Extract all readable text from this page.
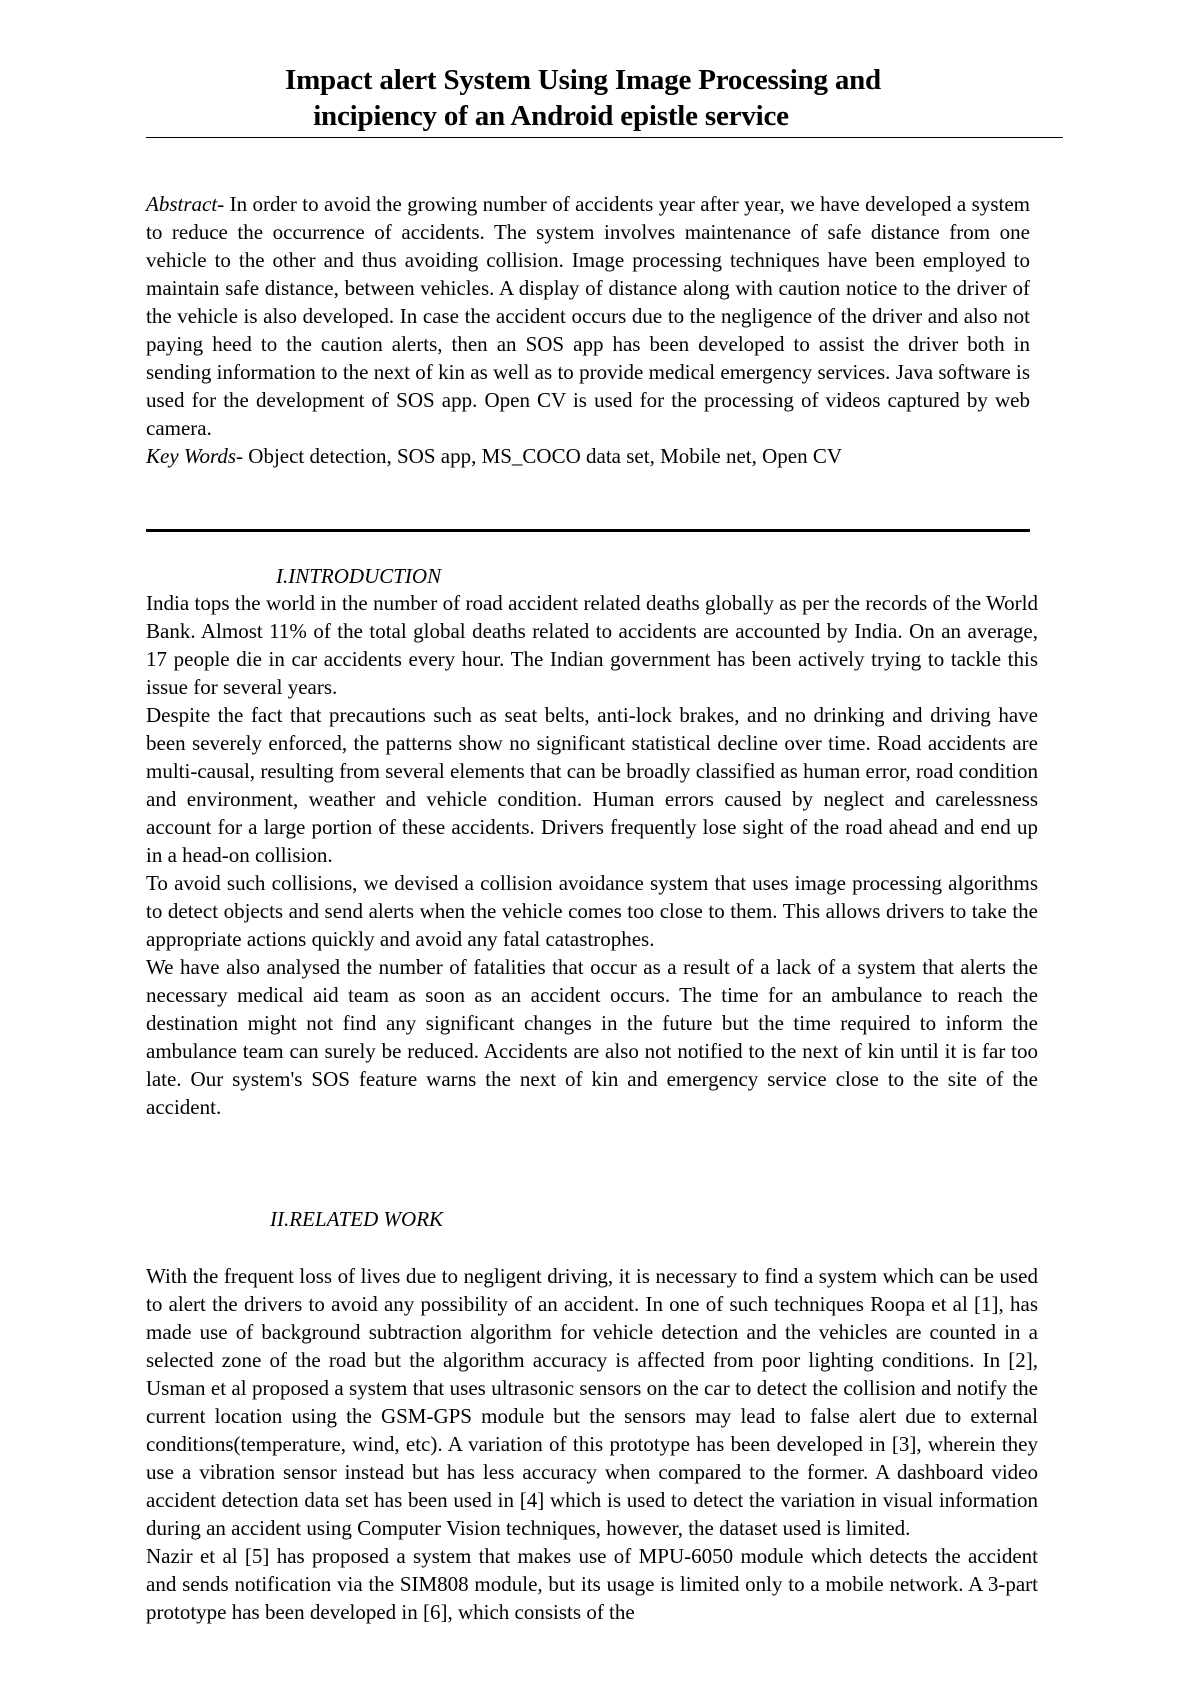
Impact alert System Using Image Processing and
incipiency of an Android epistle service

Abstract- In order to avoid the growing number of accidents year after year, we have developed a system to reduce the occurrence of accidents. The system involves maintenance of safe distance from one vehicle to the other and thus avoiding collision. Image processing techniques have been employed to maintain safe distance, between vehicles. A display of distance along with caution notice to the driver of the vehicle is also developed. In case the accident occurs due to the negligence of the driver and also not paying heed to the caution alerts, then an SOS app has been developed to assist the driver both in sending information to the next of kin as well as to provide medical emergency services. Java software is used for the development of SOS app. Open CV is used for the processing of videos captured by web camera.

Key Words- Object detection, SOS app, MS_COCO data set, Mobile net, Open CV

I.INTRODUCTION

India tops the world in the number of road accident related deaths globally as per the records of the World Bank. Almost 11% of the total global deaths related to accidents are accounted by India. On an average, 17 people die in car accidents every hour. The Indian government has been actively trying to tackle this issue for several years.

Despite the fact that precautions such as seat belts, anti-lock brakes, and no drinking and driving have been severely enforced, the patterns show no significant statistical decline over time. Road accidents are multi-causal, resulting from several elements that can be broadly classified as human error, road condition and environment, weather and vehicle condition. Human errors caused by neglect and carelessness account for a large portion of these accidents. Drivers frequently lose sight of the road ahead and end up in a head-on collision.

To avoid such collisions, we devised a collision avoidance system that uses image processing algorithms to detect objects and send alerts when the vehicle comes too close to them. This allows drivers to take the appropriate actions quickly and avoid any fatal catastrophes.

We have also analysed the number of fatalities that occur as a result of a lack of a system that alerts the necessary medical aid team as soon as an accident occurs. The time for an ambulance to reach the destination might not find any significant changes in the future but the time required to inform the ambulance team can surely be reduced. Accidents are also not notified to the next of kin until it is far too late. Our system's SOS feature warns the next of kin and emergency service close to the site of the accident.

II.RELATED WORK

With the frequent loss of lives due to negligent driving, it is necessary to find a system which can be used to alert the drivers to avoid any possibility of an accident. In one of such techniques Roopa et al [1], has made use of background subtraction algorithm for vehicle detection and the vehicles are counted in a selected zone of the road but the algorithm accuracy is affected from poor lighting conditions. In [2], Usman et al proposed a system that uses ultrasonic sensors on the car to detect the collision and notify the current location using the GSM-GPS module but the sensors may lead to false alert due to external conditions(temperature, wind, etc). A variation of this prototype has been developed in [3], wherein they use a vibration sensor instead but has less accuracy when compared to the former. A dashboard video accident detection data set has been used in [4] which is used to detect the variation in visual information during an accident using Computer Vision techniques, however, the dataset used is limited.

Nazir et al [5] has proposed a system that makes use of MPU-6050 module which detects the accident and sends notification via the SIM808 module, but its usage is limited only to a mobile network. A 3-part prototype has been developed in [6], which consists of the
